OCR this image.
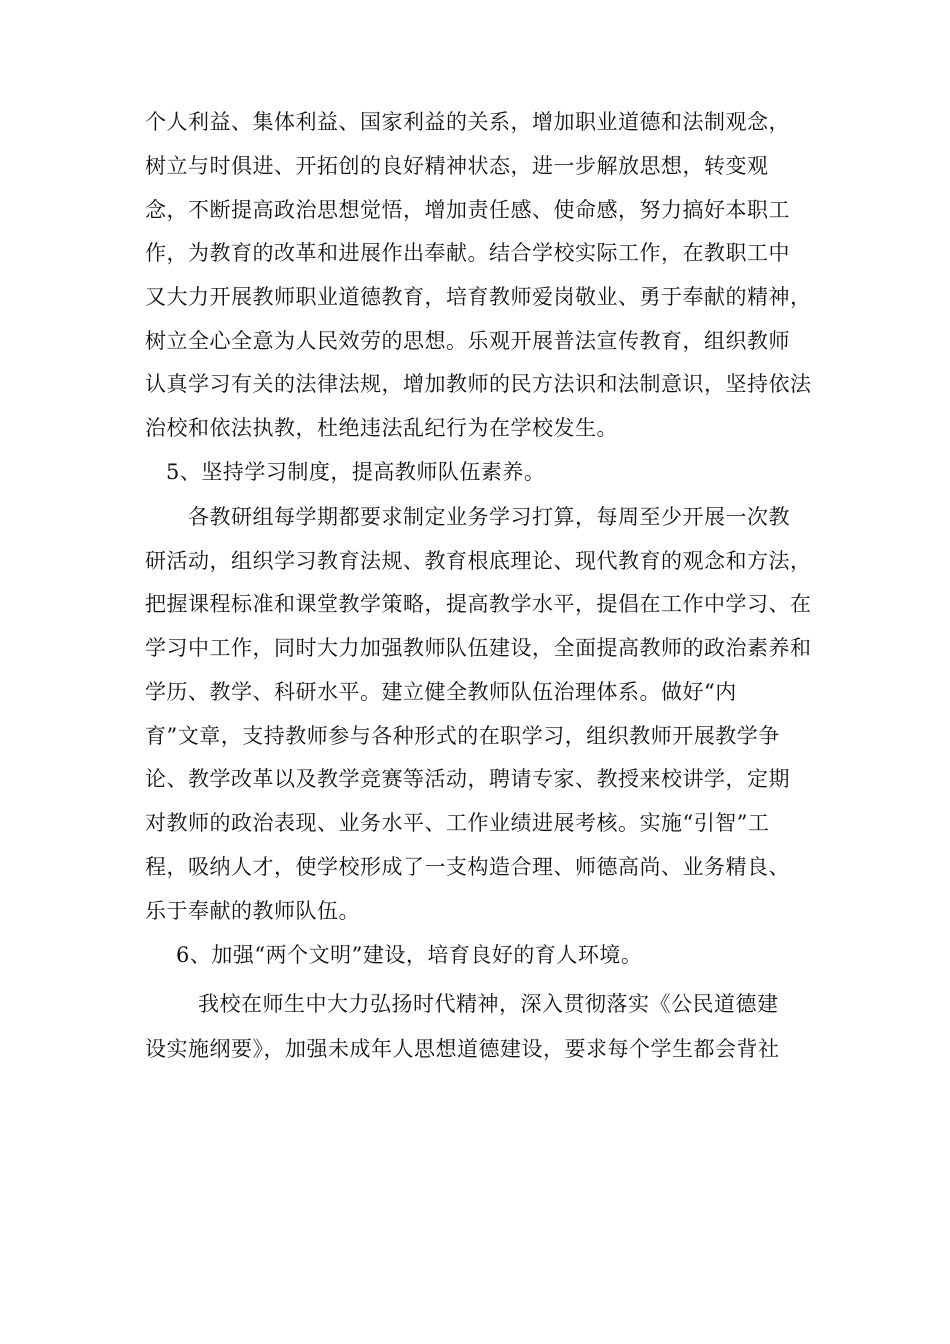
个人利益、集体利益、国家利益的关系，增加职业道德和法制观念，
树立与时俱进、开拓创的良好精神状态，进一步解放思想，转变观
念，不断提高政治思想觉悟，增加责任感、使命感，努力搞好本职工
作，为教育的改革和进展作出奉献。结合学校实际工作，在教职工中
又大力开展教师职业道德教育，培育教师爱岗敬业、勇于奉献的精神，
树立全心全意为人民效劳的思想。乐观开展普法宣传教育，组织教师
认真学习有关的法律法规，增加教师的民方法识和法制意识，坚持依法
治校和依法执教，杜绝违法乱纪行为在学校发生。
5、坚持学习制度，提高教师队伍素养。
各教研组每学期都要求制定业务学习打算，每周至少开展一次教
研活动，组织学习教育法规、教育根底理论、现代教育的观念和方法，
把握课程标准和课堂教学策略，提高教学水平，提倡在工作中学习、在
学习中工作，同时大力加强教师队伍建设，全面提高教师的政治素养和
学历、教学、科研水平。建立健全教师队伍治理体系。做好“内
育”文章，支持教师参与各种形式的在职学习，组织教师开展教学争
论、教学改革以及教学竞赛等活动，聘请专家、教授来校讲学，定期
对教师的政治表现、业务水平、工作业绩进展考核。实施“引智”工
程，吸纳人才，使学校形成了一支构造合理、师德高尚、业务精良、
乐于奉献的教师队伍。
6、加强“两个文明”建设，培育良好的育人环境。
我校在师生中大力弘扬时代精神，深入贯彻落实《公民道德建
设实施纲要》，加强未成年人思想道德建设，要求每个学生都会背社
